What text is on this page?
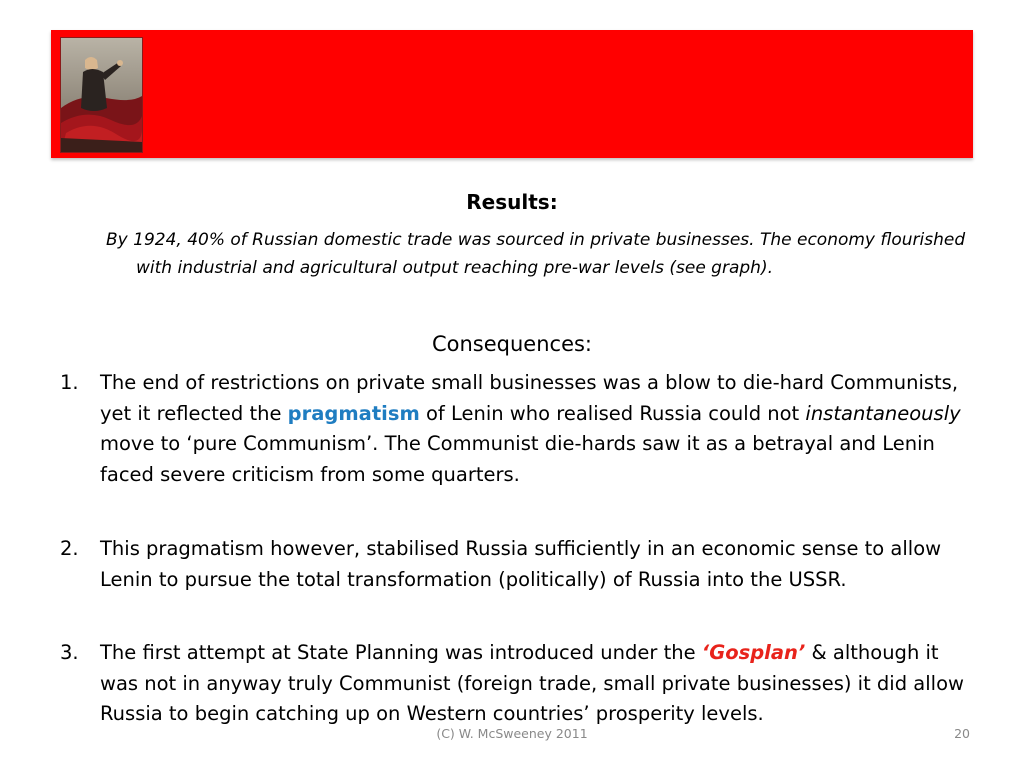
Results:
By 1924, 40% of Russian domestic trade was sourced in private businesses. The economy flourished with industrial and agricultural output reaching pre-war levels (see graph).
Consequences:
1. The end of restrictions on private small businesses was a blow to die-hard Communists, yet it reflected the pragmatism of Lenin who realised Russia could not instantaneously move to ‘pure Communism’. The Communist die-hards saw it as a betrayal and Lenin faced severe criticism from some quarters.
2. This pragmatism however, stabilised Russia sufficiently in an economic sense to allow Lenin to pursue the total transformation (politically) of Russia into the USSR.
3. The first attempt at State Planning was introduced under the ‘Gosplan’ & although it was not in anyway truly Communist (foreign trade, small private businesses) it did allow Russia to begin catching up on Western countries’ prosperity levels.
(C) W. McSweeney 2011	20
